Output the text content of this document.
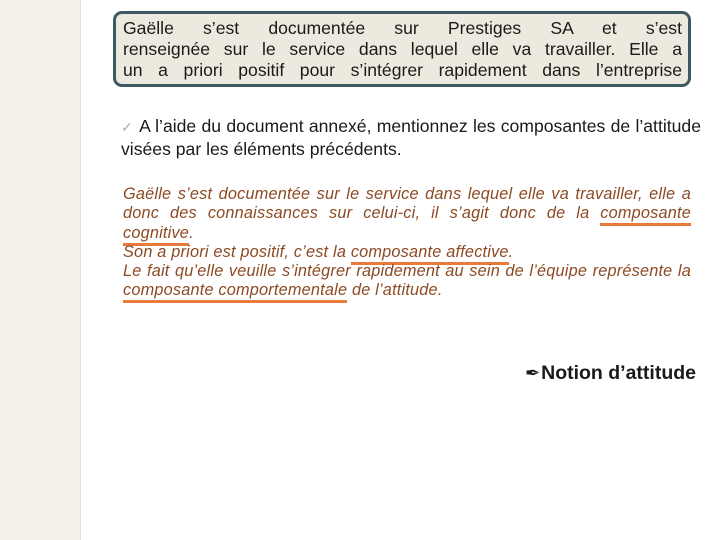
Gaëlle s’est documentée sur Prestiges SA et s’est
renseignée sur le service dans lequel elle va travailler. Elle a
un a priori positif pour s’intégrer rapidement dans l’entreprise
✓ A l’aide du document annexé, mentionnez les composantes de l’attitude visées par les éléments précédents.

Gaëlle s’est documentée sur le service dans lequel elle va travailler, elle a donc des connaissances sur celui-ci, il s’agit donc de la composante cognitive.

Son a priori est positif, c’est la composante affective.

Le fait qu’elle veuille s’intégrer rapidement au sein de l’équipe représente la composante comportementale de l’attitude.

✒Notion d’attitude
